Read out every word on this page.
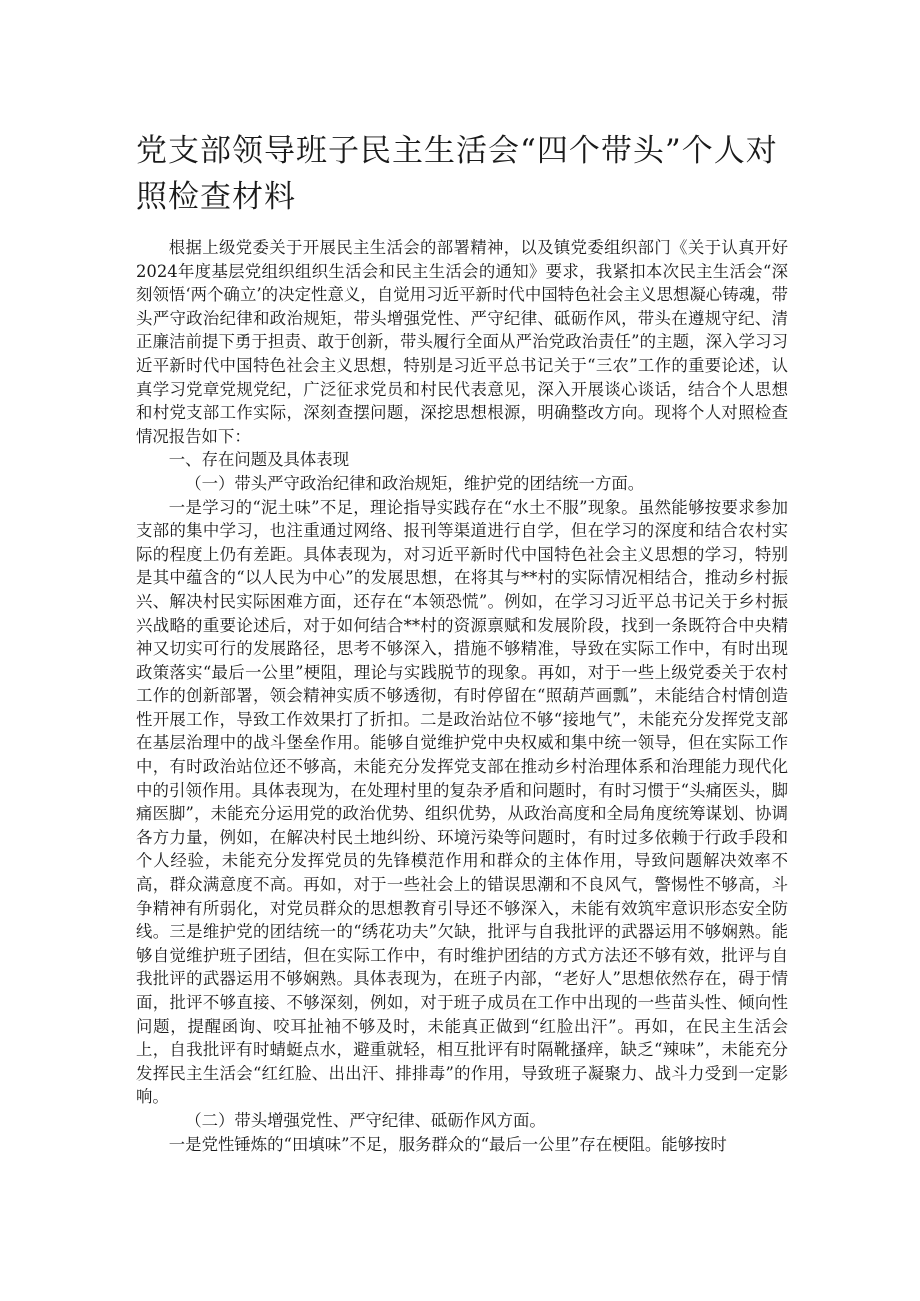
党支部领导班子民主生活会“四个带头”个人对照检查材料

根据上级党委关于开展民主生活会的部署精神，以及镇党委组织部门《关于认真开好2024年度基层党组织组织生活会和民主生活会的通知》要求，我紧扣本次民主生活会“深刻领悟‘两个确立’的决定性意义，自觉用习近平新时代中国特色社会主义思想凝心铸魂，带头严守政治纪律和政治规矩，带头增强党性、严守纪律、砥砺作风，带头在遵规守纪、清正廉洁前提下勇于担责、敢于创新，带头履行全面从严治党政治责任”的主题，深入学习习近平新时代中国特色社会主义思想，特别是习近平总书记关于“三农”工作的重要论述，认真学习党章党规党纪，广泛征求党员和村民代表意见，深入开展谈心谈话，结合个人思想和村党支部工作实际，深刻查摆问题，深挖思想根源，明确整改方向。现将个人对照检查情况报告如下：

一、存在问题及具体表现

（一）带头严守政治纪律和政治规矩，维护党的团结统一方面。

一是学习的“泥土味”不足，理论指导实践存在“水土不服”现象。虽然能够按要求参加支部的集中学习，也注重通过网络、报刊等渠道进行自学，但在学习的深度和结合农村实际的程度上仍有差距。具体表现为，对习近平新时代中国特色社会主义思想的学习，特别是其中蕴含的“以人民为中心”的发展思想，在将其与**村的实际情况相结合，推动乡村振兴、解决村民实际困难方面，还存在“本领恐慌”。例如，在学习习近平总书记关于乡村振兴战略的重要论述后，对于如何结合**村的资源禀赋和发展阶段，找到一条既符合中央精神又切实可行的发展路径，思考不够深入，措施不够精准，导致在实际工作中，有时出现政策落实“最后一公里”梗阻，理论与实践脱节的现象。再如，对于一些上级党委关于农村工作的创新部署，领会精神实质不够透彻，有时停留在“照葫芦画瓢”，未能结合村情创造性开展工作，导致工作效果打了折扣。二是政治站位不够“接地气”，未能充分发挥党支部在基层治理中的战斗堡垒作用。能够自觉维护党中央权威和集中统一领导，但在实际工作中，有时政治站位还不够高，未能充分发挥党支部在推动乡村治理体系和治理能力现代化中的引领作用。具体表现为，在处理村里的复杂矛盾和问题时，有时习惯于“头痛医头，脚痛医脚”，未能充分运用党的政治优势、组织优势，从政治高度和全局角度统筹谋划、协调各方力量，例如，在解决村民土地纠纷、环境污染等问题时，有时过多依赖于行政手段和个人经验，未能充分发挥党员的先锋模范作用和群众的主体作用，导致问题解决效率不高，群众满意度不高。再如，对于一些社会上的错误思潮和不良风气，警惕性不够高，斗争精神有所弱化，对党员群众的思想教育引导还不够深入，未能有效筑牢意识形态安全防线。三是维护党的团结统一的“绣花功夫”欠缺，批评与自我批评的武器运用不够娴熟。能够自觉维护班子团结，但在实际工作中，有时维护团结的方式方法还不够有效，批评与自我批评的武器运用不够娴熟。具体表现为，在班子内部，“老好人”思想依然存在，碍于情面，批评不够直接、不够深刻，例如，对于班子成员在工作中出现的一些苗头性、倾向性问题，提醒函询、咬耳扯袖不够及时，未能真正做到“红脸出汗”。再如，在民主生活会上，自我批评有时蜻蜓点水，避重就轻，相互批评有时隔靴搔痒，缺乏“辣味”，未能充分发挥民主生活会“红红脸、出出汗、排排毒”的作用，导致班子凝聚力、战斗力受到一定影响。

（二）带头增强党性、严守纪律、砥砺作风方面。

一是党性锤炼的“田填味”不足，服务群众的“最后一公里”存在梗阻。能够按时
